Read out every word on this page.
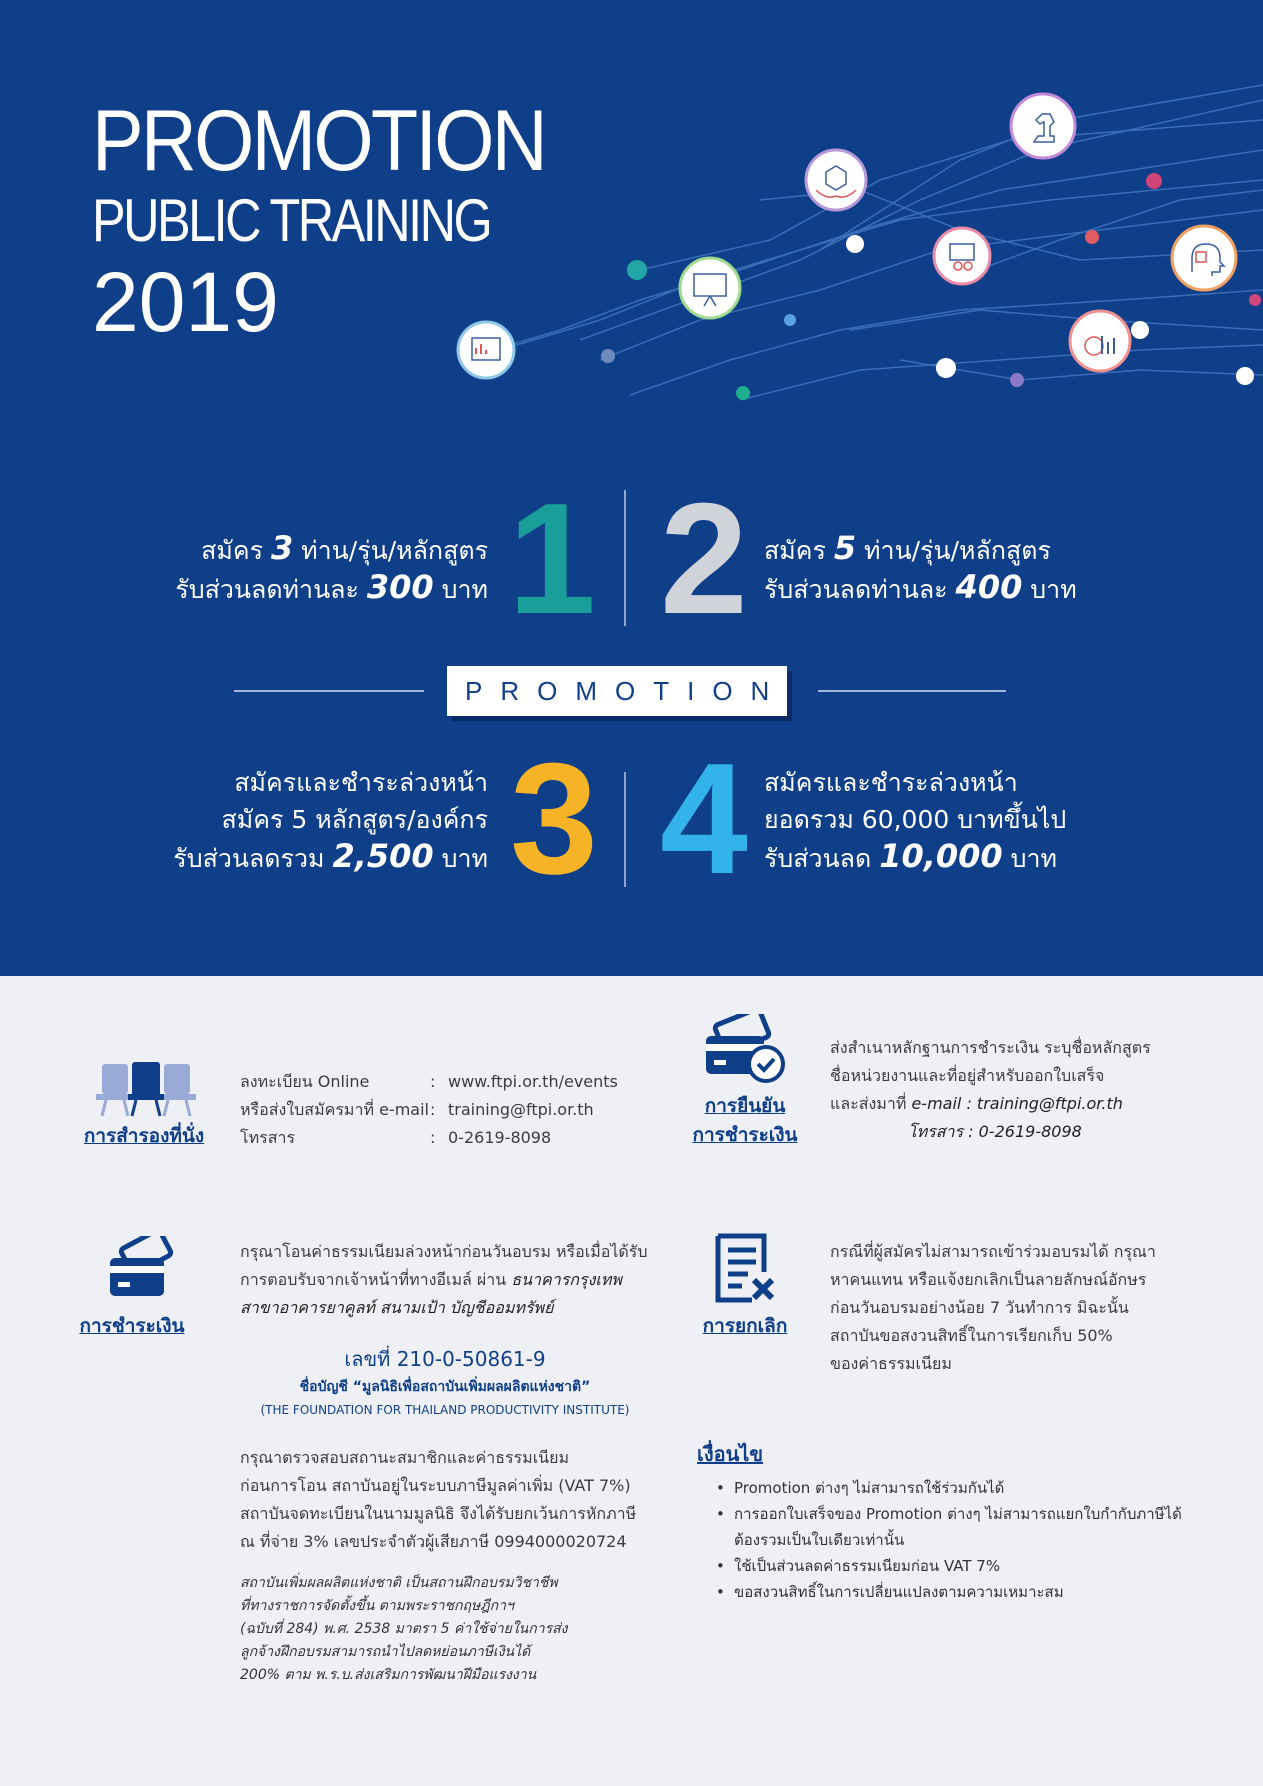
PROMOTION
PUBLIC TRAINING
2019
สมัคร 3 ท่าน/รุ่น/หลักสูตร
รับส่วนลดท่านละ 300 บาท 1 2 สมัคร 5 ท่าน/รุ่น/หลักสูตร
รับส่วนลดท่านละ 400 บาท
PROMOTION
สมัครและชำระล่วงหน้า
สมัคร 5 หลักสูตร/องค์กร
รับส่วนลดรวม 2,500 บาท 3 4 สมัครและชำระล่วงหน้า
ยอดรวม 60,000 บาทขึ้นไป
รับส่วนลด 10,000 บาท
การสำรองที่นั่ง
ลงทะเบียน Online	: www.ftpi.or.th/events
หรือส่งใบสมัครมาที่ e-mail : training@ftpi.or.th
โทรสาร	: 0-2619-8098
การยืนยัน
การชำระเงิน
ส่งสำเนาหลักฐานการชำระเงิน ระบุชื่อหลักสูตร
ชื่อหน่วยงานและที่อยู่สำหรับออกใบเสร็จ
และส่งมาที่ e-mail : training@ftpi.or.th
โทรสาร : 0-2619-8098
การชำระเงิน
กรุณาโอนค่าธรรมเนียมล่วงหน้าก่อนวันอบรม หรือเมื่อได้รับ
การตอบรับจากเจ้าหน้าที่ทางอีเมล์ ผ่าน ธนาคารกรุงเทพ
สาขาอาคารยาคูลท์ สนามเป้า บัญชีออมทรัพย์
เลขที่ 210-0-50861-9
ชื่อบัญชี “มูลนิธิเพื่อสถาบันเพิ่มผลผลิตแห่งชาติ”
(THE FOUNDATION FOR THAILAND PRODUCTIVITY INSTITUTE)
กรุณาตรวจสอบสถานะสมาชิกและค่าธรรมเนียม
ก่อนการโอน สถาบันอยู่ในระบบภาษีมูลค่าเพิ่ม (VAT 7%)
สถาบันจดทะเบียนในนามมูลนิธิ จึงได้รับยกเว้นการหักภาษี
ณ ที่จ่าย 3% เลขประจำตัวผู้เสียภาษี 0994000020724
สถาบันเพิ่มผลผลิตแห่งชาติ เป็นสถานฝึกอบรมวิชาชีพ
ที่ทางราชการจัดตั้งขึ้น ตามพระราชกฤษฎีกาฯ
(ฉบับที่ 284) พ.ศ. 2538 มาตรา 5 ค่าใช้จ่ายในการส่ง
ลูกจ้างฝึกอบรมสามารถนำไปลดหย่อนภาษีเงินได้
200% ตาม พ.ร.บ.ส่งเสริมการพัฒนาฝีมือแรงงาน
การยกเลิก
กรณีที่ผู้สมัครไม่สามารถเข้าร่วมอบรมได้ กรุณา
หาคนแทน หรือแจ้งยกเลิกเป็นลายลักษณ์อักษร
ก่อนวันอบรมอย่างน้อย 7 วันทำการ มิฉะนั้น
สถาบันขอสงวนสิทธิ์ในการเรียกเก็บ 50%
ของค่าธรรมเนียม
เงื่อนไข
• Promotion ต่างๆ ไม่สามารถใช้ร่วมกันได้
• การออกใบเสร็จของ Promotion ต่างๆ ไม่สามารถแยกใบกำกับภาษีได้
ต้องรวมเป็นใบเดียวเท่านั้น
• ใช้เป็นส่วนลดค่าธรรมเนียมก่อน VAT 7%
• ขอสงวนสิทธิ์ในการเปลี่ยนแปลงตามความเหมาะสม
